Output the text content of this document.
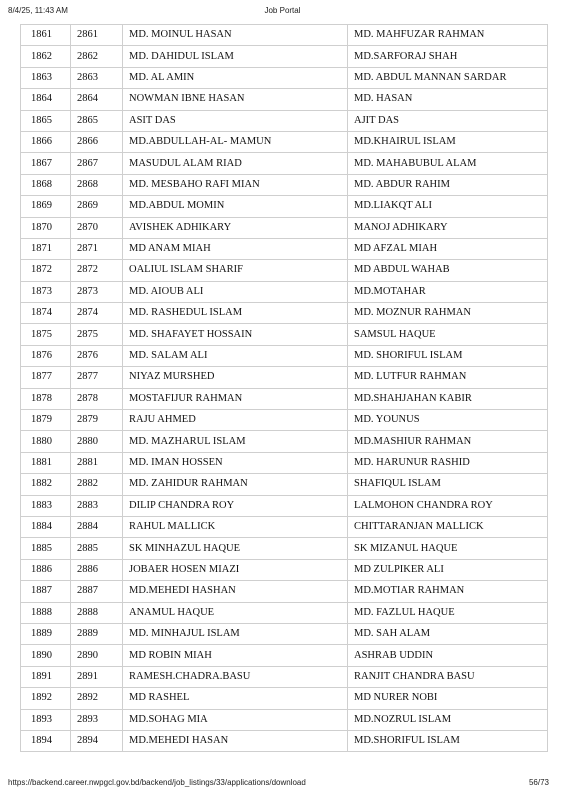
8/4/25, 11:43 AM	Job Portal
1861	2861	MD. MOINUL HASAN	MD. MAHFUZAR RAHMAN
1862	2862	MD. DAHIDUL ISLAM	MD.SARFORAJ SHAH
1863	2863	MD. AL AMIN	MD. ABDUL MANNAN SARDAR
1864	2864	NOWMAN IBNE HASAN	MD. HASAN
1865	2865	ASIT DAS	AJIT DAS
1866	2866	MD.ABDULLAH-AL- MAMUN	MD.KHAIRUL ISLAM
1867	2867	MASUDUL ALAM RIAD	MD. MAHABUBUL ALAM
1868	2868	MD. MESBAHO RAFI MIAN	MD. ABDUR RAHIM
1869	2869	MD.ABDUL MOMIN	MD.LIAKQT ALI
1870	2870	AVISHEK ADHIKARY	MANOJ ADHIKARY
1871	2871	MD ANAM MIAH	MD AFZAL MIAH
1872	2872	OALIUL ISLAM SHARIF	MD ABDUL WAHAB
1873	2873	MD. AIOUB ALI	MD.MOTAHAR
1874	2874	MD. RASHEDUL ISLAM	MD. MOZNUR RAHMAN
1875	2875	MD. SHAFAYET HOSSAIN	SAMSUL HAQUE
1876	2876	MD. SALAM ALI	MD. SHORIFUL ISLAM
1877	2877	NIYAZ MURSHED	MD. LUTFUR RAHMAN
1878	2878	MOSTAFIJUR RAHMAN	MD.SHAHJAHAN KABIR
1879	2879	RAJU AHMED	MD. YOUNUS
1880	2880	MD. MAZHARUL ISLAM	MD.MASHIUR RAHMAN
1881	2881	MD. IMAN HOSSEN	MD. HARUNUR RASHID
1882	2882	MD. ZAHIDUR RAHMAN	SHAFIQUL ISLAM
1883	2883	DILIP CHANDRA ROY	LALMOHON CHANDRA ROY
1884	2884	RAHUL MALLICK	CHITTARANJAN MALLICK
1885	2885	SK MINHAZUL HAQUE	SK MIZANUL HAQUE
1886	2886	JOBAER HOSEN MIAZI	MD ZULPIKER ALI
1887	2887	MD.MEHEDI HASHAN	MD.MOTIAR RAHMAN
1888	2888	ANAMUL HAQUE	MD. FAZLUL HAQUE
1889	2889	MD. MINHAJUL ISLAM	MD. SAH ALAM
1890	2890	MD ROBIN MIAH	ASHRAB UDDIN
1891	2891	RAMESH.CHADRA.BASU	RANJIT CHANDRA BASU
1892	2892	MD RASHEL	MD NURER NOBI
1893	2893	MD.SOHAG MIA	MD.NOZRUL ISLAM
1894	2894	MD.MEHEDI HASAN	MD.SHORIFUL ISLAM
https://backend.career.nwpgcl.gov.bd/backend/job_listings/33/applications/download	56/73
